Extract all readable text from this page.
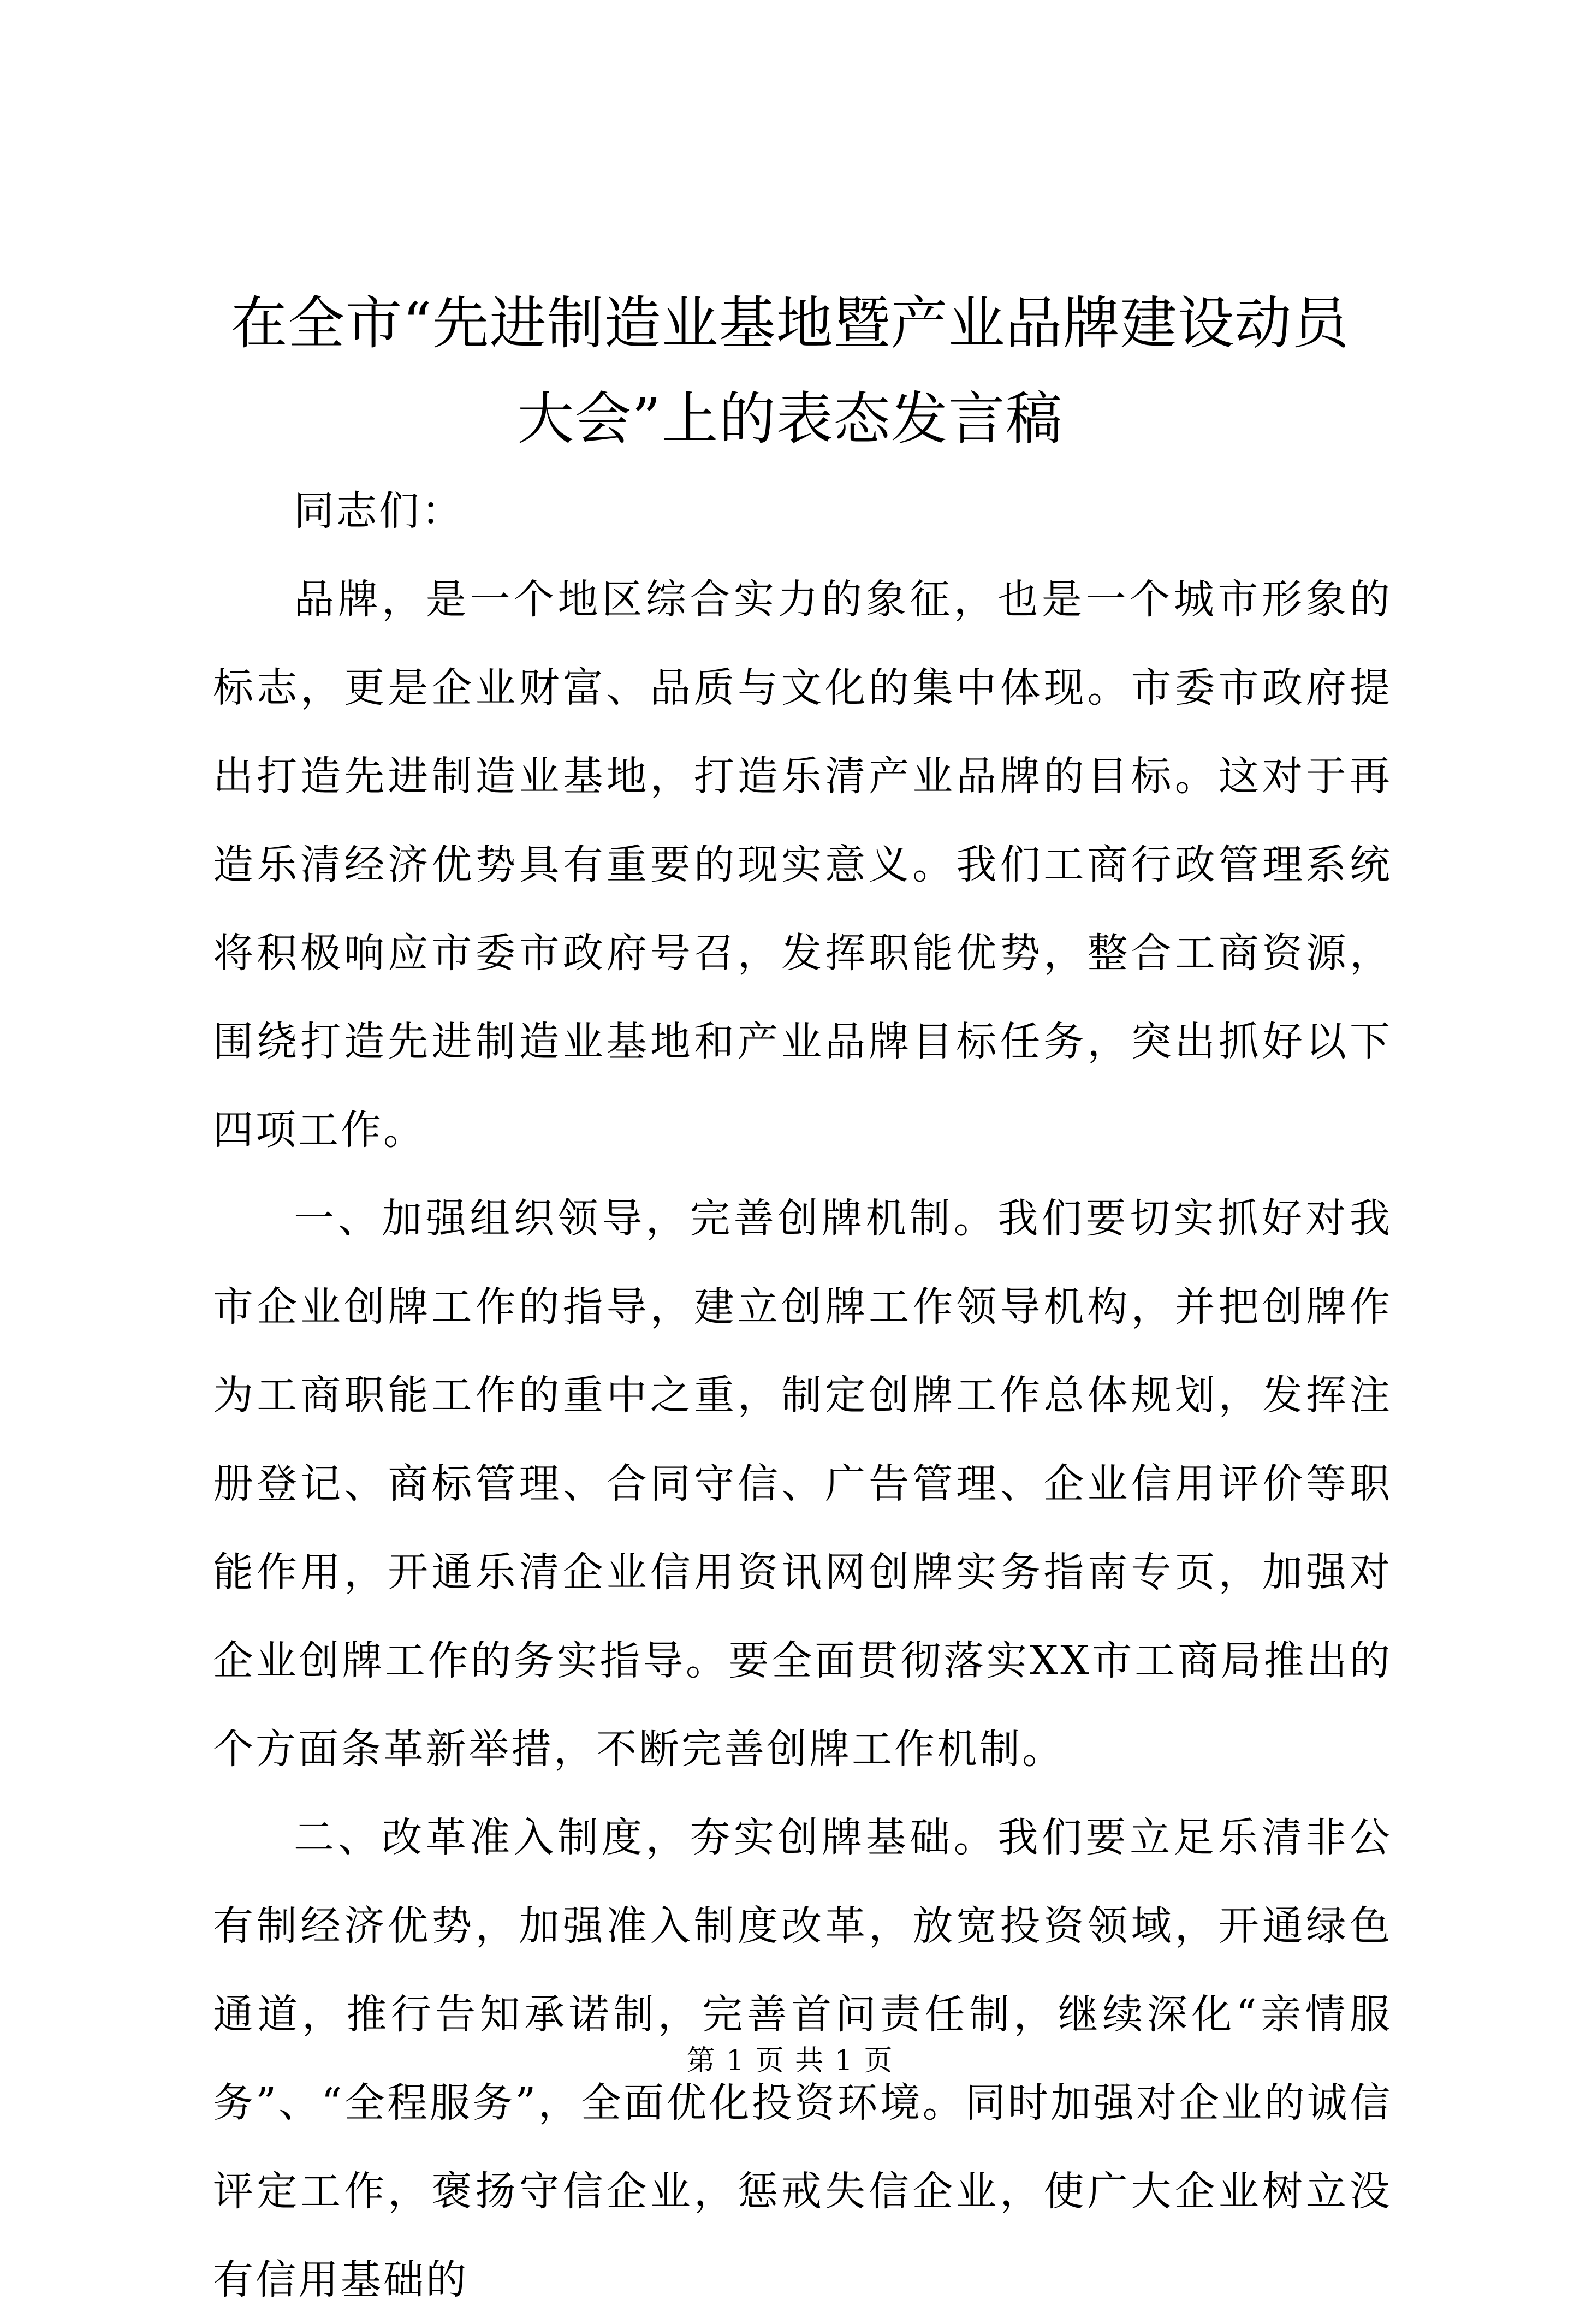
在全市“先进制造业基地暨产业品牌建设动员
大会”上的表态发言稿

同志们：

品牌，是一个地区综合实力的象征，也是一个城市形象的标志，更是企业财富、品质与文化的集中体现。市委市政府提出打造先进制造业基地，打造乐清产业品牌的目标。这对于再造乐清经济优势具有重要的现实意义。我们工商行政管理系统将积极响应市委市政府号召，发挥职能优势，整合工商资源，围绕打造先进制造业基地和产业品牌目标任务，突出抓好以下四项工作。

一、加强组织领导，完善创牌机制。我们要切实抓好对我市企业创牌工作的指导，建立创牌工作领导机构，并把创牌作为工商职能工作的重中之重，制定创牌工作总体规划，发挥注册登记、商标管理、合同守信、广告管理、企业信用评价等职能作用，开通乐清企业信用资讯网创牌实务指南专页，加强对企业创牌工作的务实指导。要全面贯彻落实XX市工商局推出的个方面条革新举措，不断完善创牌工作机制。

二、改革准入制度，夯实创牌基础。我们要立足乐清非公有制经济优势，加强准入制度改革，放宽投资领域，开通绿色通道，推行告知承诺制，完善首问责任制，继续深化“亲情服务”、“全程服务”，全面优化投资环境。同时加强对企业的诚信评定工作，褒扬守信企业，惩戒失信企业，使广大企业树立没有信用基础的

第 1 页 共 1 页
